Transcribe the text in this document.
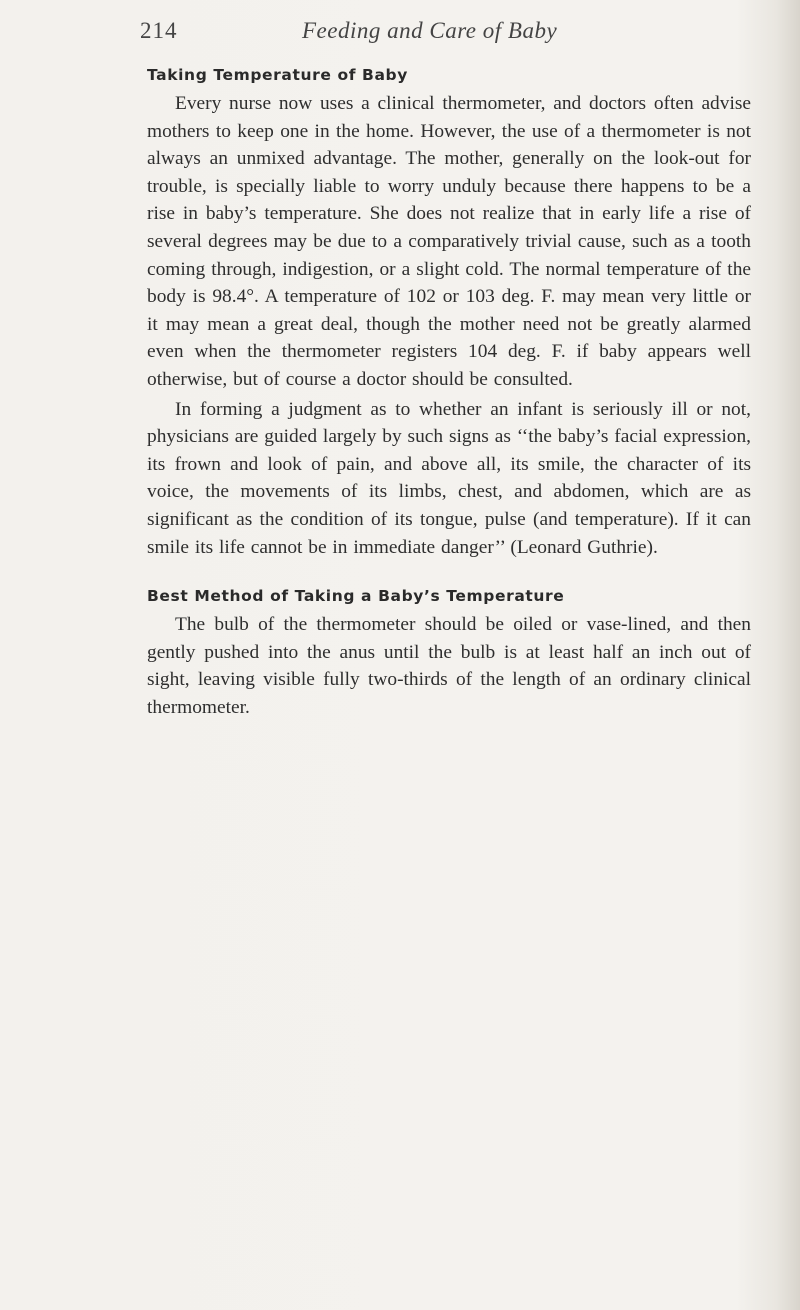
214	Feeding and Care of Baby
Taking Temperature of Baby

Every nurse now uses a clinical thermometer, and doctors often advise mothers to keep one in the home. However, the use of a thermometer is not always an unmixed advantage. The mother, generally on the look-out for trouble, is specially liable to worry unduly because there happens to be a rise in baby’s temperature. She does not realize that in early life a rise of several degrees may be due to a comparatively trivial cause, such as a tooth coming through, indigestion, or a slight cold. The normal temperature of the body is 98.4°. A temperature of 102 or 103 deg. F. may mean very little or it may mean a great deal, though the mother need not be greatly alarmed even when the thermometer registers 104 deg. F. if baby appears well otherwise, but of course a doctor should be consulted.

In forming a judgment as to whether an infant is seriously ill or not, physicians are guided largely by such signs as ‘‘the baby’s facial expression, its frown and look of pain, and above all, its smile, the character of its voice, the movements of its limbs, chest, and abdomen, which are as significant as the condition of its tongue, pulse (and temperature). If it can smile its life cannot be in immediate danger’’ (Leonard Guthrie).

Best Method of Taking a Baby’s Temperature

The bulb of the thermometer should be oiled or vase-lined, and then gently pushed into the anus until the bulb is at least half an inch out of sight, leaving visible fully two-thirds of the length of an ordinary clinical thermometer.
